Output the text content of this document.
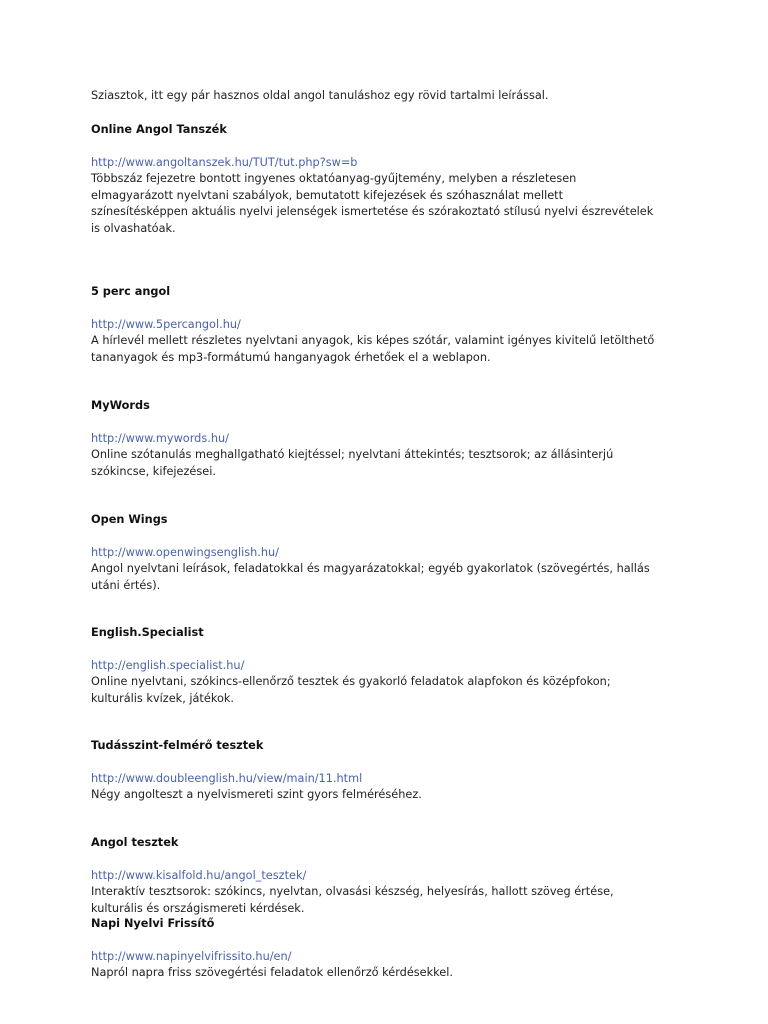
Sziasztok, itt egy pár hasznos oldal angol tanuláshoz egy rövid tartalmi leírással.

Online Angol Tanszék
http://www.angoltanszek.hu/TUT/tut.php?sw=b

Többszáz fejezetre bontott ingyenes oktatóanyag-gyűjtemény, melyben a részletesen

elmagyarázott nyelvtani szabályok, bemutatott kifejezések és szóhasználat mellett

színesítésképpen aktuális nyelvi jelenségek ismertetése és szórakoztató stílusú nyelvi észrevételek

is olvashatóak.

5 perc angol
http://www.5percangol.hu/

A hírlevél mellett részletes nyelvtani anyagok, kis képes szótár, valamint igényes kivitelű letölthető

tananyagok és mp3-formátumú hanganyagok érhetőek el a weblapon.

MyWords
http://www.mywords.hu/

Online szótanulás meghallgatható kiejtéssel; nyelvtani áttekintés; tesztsorok; az állásinterjú

szókincse, kifejezései.

Open Wings
http://www.openwingsenglish.hu/

Angol nyelvtani leírások, feladatokkal és magyarázatokkal; egyéb gyakorlatok (szövegértés, hallás

utáni értés).

English.Specialist
http://english.specialist.hu/

Online nyelvtani, szókincs-ellenőrző tesztek és gyakorló feladatok alapfokon és középfokon;

kulturális kvízek, játékok.

Tudásszint-felmérő tesztek
http://www.doubleenglish.hu/view/main/11.html

Négy angolteszt a nyelvismereti szint gyors felméréséhez.

Angol tesztek
http://www.kisalfold.hu/angol_tesztek/

Interaktív tesztsorok: szókincs, nyelvtan, olvasási készség, helyesírás, hallott szöveg értése,

kulturális és országismereti kérdések.

Napi Nyelvi Frissítő
http://www.napinyelvifrissito.hu/en/

Napról napra friss szövegértési feladatok ellenőrző kérdésekkel.
